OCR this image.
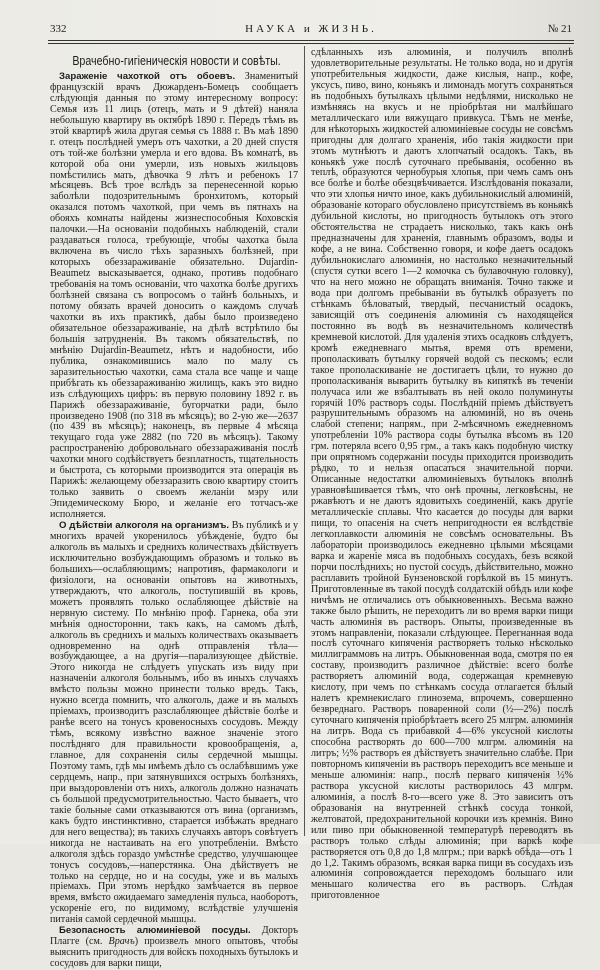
332	НАУКА и ЖИЗНЬ.	№ 21
Врачебно-гигіеническія новости и совѣты.

Зараженіе чахоткой отъ обоевъ. Знаменитый французскій врачъ Дюжарденъ-Бомецъ сообщаетъ слѣдующія данныя по этому интересному вопросу: Семья изъ 11 лицъ (отецъ, мать и 9 дѣтей) наняла небольшую квартиру въ октябрѣ 1890 г. Передъ тѣмъ въ этой квартирѣ жила другая семья съ 1888 г. Въ маѣ 1890 г. отецъ послѣдней умеръ отъ чахотки, а 20 дней спустя отъ той-же болѣзни умерла и его вдова. Въ комнатѣ, въ которой оба они умерли, изъ новыхъ жильцовъ помѣстились мать, дѣвочка 9 лѣтъ и ребенокъ 17 мѣсяцевъ. Всѣ трое вслѣдъ за перенесенной корью заболѣли подозрительнымъ бронхитомъ, который оказался потомъ чахоткой, при чемъ въ пятнахъ на обояхъ комнаты найдены жизнеспособныя Коховскія палочки.—На основаніи подобныхъ наблюденій, стали раздаваться голоса, требующіе, чтобы чахотка была включена въ число тѣхъ заразныхъ болѣзней, при которыхъ обеззараживаніе обязательно. Dujardin-Beaumetz высказывается, однако, противъ подобнаго требованія на томъ основаніи, что чахотка болѣе другихъ болѣзней связана съ вопросомъ о тайнѣ больныхъ, и потому обязать врачей доносить о каждомъ случаѣ чахотки въ ихъ практикѣ, дабы было произведено обязательное обеззараживаніе, на дѣлѣ встрѣтило бы большія затрудненія. Въ такомъ обязательствѣ, по мнѣнію Dujardin-Beaumetz, нѣтъ и надобности, ибо публика, ознакомившись мало по малу съ заразительностью чахотки, сама стала все чаще и чаще прибѣгать къ обеззараживанію жилищъ, какъ это видно изъ слѣдующихъ цифръ: въ первую половину 1892 г. въ Парижѣ обеззараживаніе, бугорчатки ради, было произведено 1908 (по 318 въ мѣсяцъ); во 2-ую же—2637 (по 439 въ мѣсяцъ); наконецъ, въ первые 4 мѣсяца текущаго года уже 2882 (по 720 въ мѣсяцъ). Такому распространенію добровольнаго обеззараживанія послѣ чахотки много содѣйствуетъ безплатность, тщательность и быстрота, съ которыми производится эта операція въ Парижѣ: желающему обеззаразить свою квартиру стоитъ только заявить о своемъ желаніи мэру или Эпидемическому Бюро, и желаніе его тотчасъ-же исполняется.

О дѣйствіи алкоголя на организмъ. Въ публикѣ и у многихъ врачей укоренилось убѣжденіе, будто бы алкоголь въ малыхъ и среднихъ количествахъ дѣйствуетъ исключительно возбуждающимъ образомъ и только въ большихъ—ослабляющимъ; напротивъ, фармакологи и физіологи, на основаніи опытовъ на животныхъ, утверждаютъ, что алкоголь, поступившій въ кровь, можетъ проявлять только ослабляющее дѣйствіе на нервную систему. По мнѣнію проф. Гарнека, оба эти мнѣнія односторонни, такъ какъ, на самомъ дѣлѣ, алкоголь въ среднихъ и малыхъ количествахъ оказываетъ одновременно на однѣ отправленія тѣла—возбуждающее, а на другія—парализующее дѣйствіе. Этого никогда не слѣдуетъ упускать изъ виду при назначеніи алкоголя больнымъ, ибо въ иныхъ случаяхъ вмѣсто пользы можно принести только вредъ. Такъ, нужно всегда помнить, что алкоголь, даже и въ малыхъ пріемахъ, производитъ разслабляющее дѣйствіе болѣе и ранѣе всего на тонусъ кровеносныхъ сосудовъ. Между тѣмъ, всякому извѣстно важное значеніе этого послѣдняго для правильности кровообращенія, а, главное, для сохраненія силы сердечной мышцы. Поэтому тамъ, гдѣ мы имѣемъ дѣло съ ослабѣвшимъ уже сердцемъ, напр., при затянувшихся острыхъ болѣзняхъ, при выздоровленіи отъ нихъ, алкоголь должно назначать съ большой предусмотрительностью. Часто бываетъ, что такіе больные сами отказываются отъ вина (организмъ, какъ будто инстинктивно, старается избѣжать вреднаго для него вещества); въ такихъ случаяхъ авторъ совѣтуетъ никогда не настаивать на его употребленіи. Вмѣсто алкоголя здѣсь гораздо умѣстнѣе средство, улучшающее тонусъ сосудовъ,—наперстянка. Она дѣйствуетъ не только на сердце, но и на сосуды, уже и въ малыхъ пріемахъ. При этомъ нерѣдко замѣчается въ первое время, вмѣсто ожидаемаго замедленія пульса, наоборотъ, ускореніе его, по видимому, вслѣдствіе улучшенія питанія самой сердечной мышцы.

Безопасность алюминіевой посуды. Докторъ Плагге (см. Врачъ) произвелъ много опытовъ, чтобы выяснить пригодность для войскъ походныхъ бутылокъ и сосудовъ для варки пищи,

сдѣланныхъ изъ алюминія, и получилъ вполнѣ удовлетворительные результаты. Не только вода, но и другія употребительныя жидкости, даже кислыя, напр., кофе, уксусъ, пиво, вино, коньякъ и лимонадъ могутъ сохраняться въ подобныхъ бутылкахъ цѣлыми недѣлями, нисколько не измѣняясь на вкусъ и не пріобрѣтая ни малѣйшаго металлическаго или вяжущаго привкуса. Тѣмъ не менѣе, для нѣкоторыхъ жидкостей алюминіевые сосуды не совсѣмъ пригодны для долгаго храненія, ибо такія жидкости при этомъ мутнѣютъ и даютъ хлопчатый осадокъ. Такъ, въ коньякѣ уже послѣ суточнаго пребыванія, особенно въ теплѣ, образуются чернобурыя хлопья, при чемъ самъ онъ все болѣе и болѣе обезцвѣчивается. Изслѣдованія показали, что эти хлопья ничто иное, какъ дубильнокислый алюминій, образованіе котораго обусловлено присутствіемъ въ коньякѣ дубильной кислоты, но пригодность бутылокъ отъ этого обстоятельства не страдаетъ нисколько, такъ какъ онѣ предназначены для храненія, главнымъ образомъ, воды и кофе, а не вина. Собственно говоря, и кофе даетъ осадокъ дубильнокислаго алюминія, но настолько незначительный (спустя сутки всего 1—2 комочка съ булавочную головку), что на него можно не обращать вниманія. Точно также и вода при долгомъ пребываніи въ бутылкѣ образуетъ по стѣнкамъ бѣловатый, твердый, песчанистый осадокъ, зависящій отъ соединенія алюминія съ находящейся постоянно въ водѣ въ незначительномъ количествѣ кремневой кислотой. Для удаленія этихъ осадковъ слѣдуетъ, кромѣ ежедневнаго мытья, время отъ времени, прополаскивать бутылку горячей водой съ пескомъ; если такое прополаскиваніе не достигаетъ цѣли, то нужно до прополаскиванія выварить бутылку въ кипяткѣ въ теченіи получаса или же взбалтывать въ ней около полуминуты горячій 10% растворъ соды. Послѣдній пріемъ дѣйствуетъ разрушительнымъ образомъ на алюминій, но въ очень слабой степени; напрям., при 2-мѣсячномъ ежедневномъ употребленіи 10% раствора соды бутылка вѣсомъ въ 120 грм. потеряла всего 0,95 грм., а такъ какъ подобную чистку при опрятномъ содержаніи посуды приходится производить рѣдко, то и нельзя опасаться значительной порчи. Описанные недостатки алюминіевыхъ бутылокъ вполнѣ уравновѣшивается тѣмъ, что онѣ прочны, легковѣсны, не ржавѣютъ и не даютъ ядовитыхъ соединеній, какъ другіе металлическіе сплавы. Что касается до посуды для варки пищи, то опасенія на счетъ непригодности ея вслѣдствіе легкоплавкости алюминія не совсѣмъ основательны. Въ лабораторіи производилось ежедневно цѣлыми мѣсяцами варка и жареніе мяса въ подобныхъ сосудахъ, безъ всякой порчи послѣднихъ; но пустой сосудъ, дѣйствительно, можно расплавить тройной Бунзеновской горѣлкой въ 15 минутъ. Приготовленные въ такой посудѣ солдатскій обѣдъ или кофе ничѣмъ не отличались отъ обыкновенныхъ. Весьма важно также было рѣшить, не переходитъ ли во время варки пищи часть алюминія въ растворъ. Опыты, произведенные въ этомъ направленіи, показали слѣдующее. Перегнанная вода послѣ суточнаго кипяченія растворяетъ только нѣсколько миллиграммовъ на литръ. Обыкновенная вода, смотря по ея составу, производитъ различное дѣйствіе: всего болѣе растворяетъ алюминій вода, содержащая кремневую кислоту, при чемъ по стѣнкамъ сосуда отлагается бѣлый налетъ кремнекислаго глинозема, впрочемъ, совершенно безвреднаго. Растворъ поваренной соли (½—2%) послѣ суточнаго кипяченія пріобрѣтаетъ всего 25 млгрм. алюминія на литръ. Вода съ прибавкой 4—6% уксусной кислоты способна растворять до 600—700 млгрм. алюминія на литръ; ½% растворъ ея дѣйствуетъ значительно слабѣе. При повторномъ кипяченіи въ растворъ переходитъ все меньше и меньше алюминія: напр., послѣ перваго кипяченія ½% раствора уксусной кислоты растворилось 43 млгрм. алюминія, а послѣ 8-го—всего уже 8. Это зависитъ отъ образованія на внутренней стѣнкѣ сосуда тонкой, желтоватой, предохранительной корочки изъ кремнія. Вино или пиво при обыкновенной температурѣ переводятъ въ растворъ только слѣды алюминія; при варкѣ кофе растворяется отъ 0,8 до 1,8 млгрм.; при варкѣ обѣда—отъ 1 до 1,2. Такимъ образомъ, всякая варка пищи въ сосудахъ изъ алюминія сопровождается переходомъ большаго или меньшаго количества его въ растворъ. Слѣдая приготовленное
